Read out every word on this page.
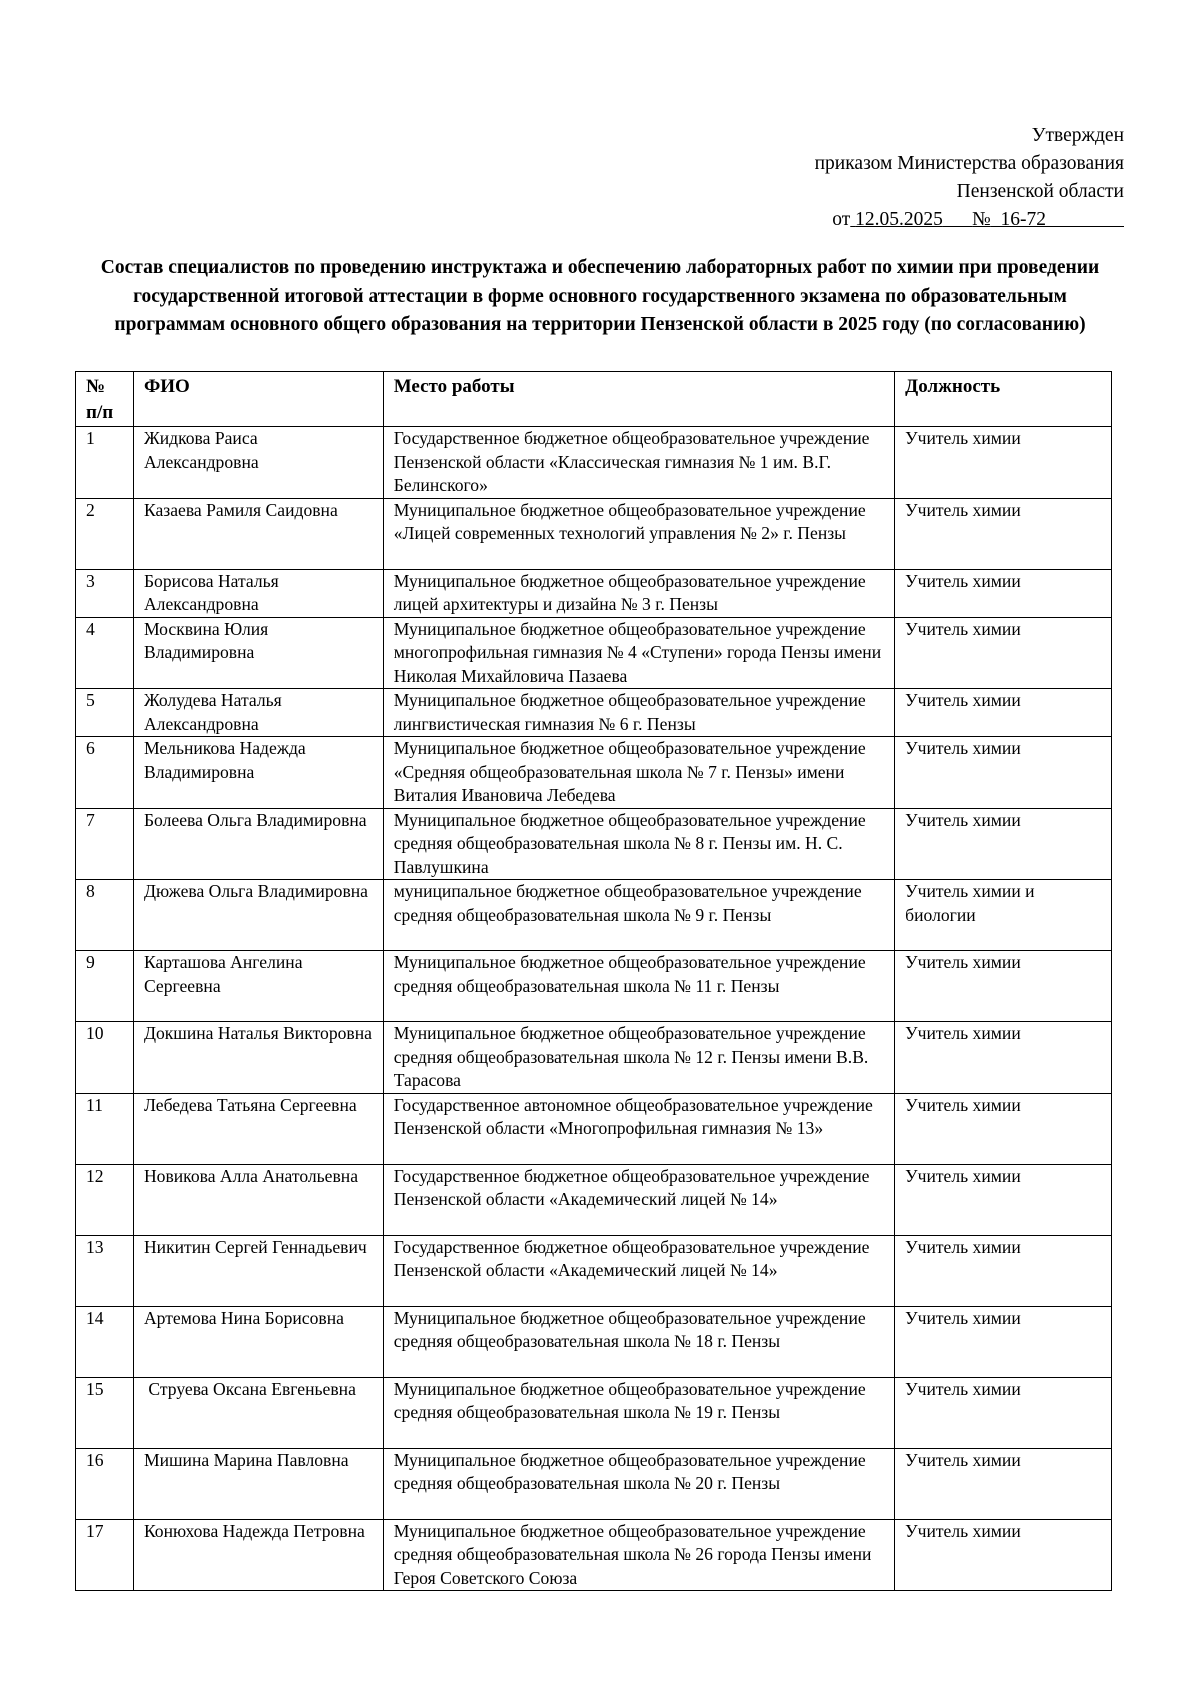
Утвержден
приказом Министерства образования
Пензенской области
от 12.05.2025 № 16-72
Состав специалистов по проведению инструктажа и обеспечению лабораторных работ по химии при проведении государственной итоговой аттестации в форме основного государственного экзамена по образовательным программам основного общего образования на территории Пензенской области в 2025 году (по согласованию)
№ п/п	ФИО	Место работы	Должность
1	Жидкова Раиса Александровна	Государственное бюджетное общеобразовательное учреждение Пензенской области «Классическая гимназия № 1 им. В.Г. Белинского»	Учитель химии
2	Казаева Рамиля Саидовна	Муниципальное бюджетное общеобразовательное учреждение «Лицей современных технологий управления № 2» г. Пензы	Учитель химии
3	Борисова Наталья Александровна	Муниципальное бюджетное общеобразовательное учреждение лицей архитектуры и дизайна № 3 г. Пензы	Учитель химии
4	Москвина Юлия Владимировна	Муниципальное бюджетное общеобразовательное учреждение многопрофильная гимназия № 4 «Ступени» города Пензы имени Николая Михайловича Пазаева	Учитель химии
5	Жолудева Наталья Александровна	Муниципальное бюджетное общеобразовательное учреждение лингвистическая гимназия № 6 г. Пензы	Учитель химии
6	Мельникова Надежда Владимировна	Муниципальное бюджетное общеобразовательное учреждение «Средняя общеобразовательная школа № 7 г. Пензы» имени Виталия Ивановича Лебедева	Учитель химии
7	Болеева Ольга Владимировна	Муниципальное бюджетное общеобразовательное учреждение средняя общеобразовательная школа № 8 г. Пензы им. Н. С. Павлушкина	Учитель химии
8	Дюжева Ольга Владимировна	муниципальное бюджетное общеобразовательное учреждение средняя общеобразовательная школа № 9 г. Пензы	Учитель химии и биологии
9	Карташова Ангелина Сергеевна	Муниципальное бюджетное общеобразовательное учреждение средняя общеобразовательная школа № 11 г. Пензы	Учитель химии
10	Докшина Наталья Викторовна	Муниципальное бюджетное общеобразовательное учреждение средняя общеобразовательная школа № 12 г. Пензы имени В.В. Тарасова	Учитель химии
11	Лебедева Татьяна Сергеевна	Государственное автономное общеобразовательное учреждение Пензенской области «Многопрофильная гимназия № 13»	Учитель химии
12	Новикова Алла Анатольевна	Государственное бюджетное общеобразовательное учреждение Пензенской области «Академический лицей № 14»	Учитель химии
13	Никитин Сергей Геннадьевич	Государственное бюджетное общеобразовательное учреждение Пензенской области «Академический лицей № 14»	Учитель химии
14	Артемова Нина Борисовна	Муниципальное бюджетное общеобразовательное учреждение средняя общеобразовательная школа № 18 г. Пензы	Учитель химии
15	Струева Оксана Евгеньевна	Муниципальное бюджетное общеобразовательное учреждение средняя общеобразовательная школа № 19 г. Пензы	Учитель химии
16	Мишина Марина Павловна	Муниципальное бюджетное общеобразовательное учреждение средняя общеобразовательная школа № 20 г. Пензы	Учитель химии
17	Конюхова Надежда Петровна	Муниципальное бюджетное общеобразовательное учреждение средняя общеобразовательная школа № 26 города Пензы имени Героя Советского Союза	Учитель химии
